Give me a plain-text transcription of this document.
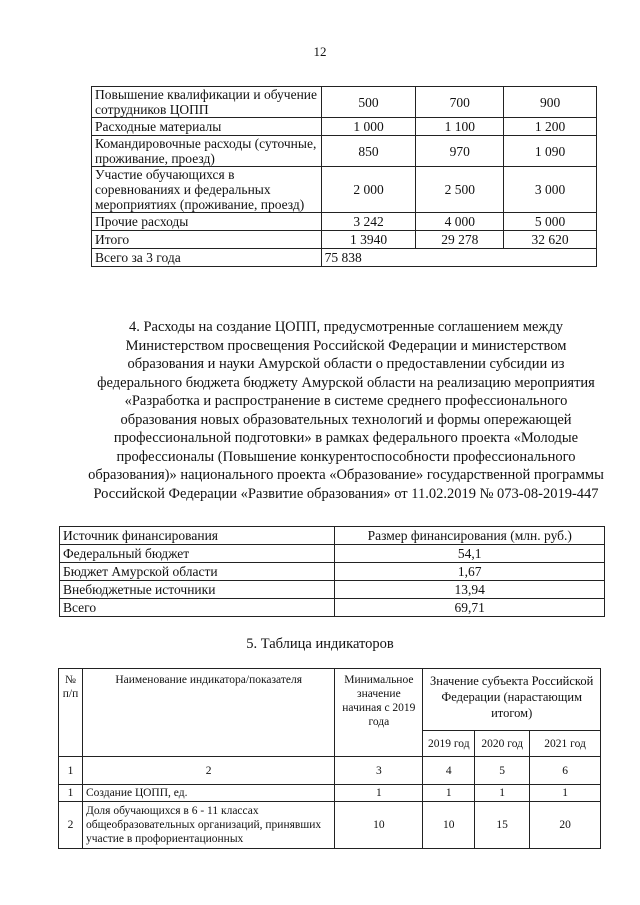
12
Повышение квалификации и обучение сотрудников ЦОПП	500	700	900
Расходные материалы	1 000	1 100	1 200
Командировочные расходы (суточные, проживание, проезд)	850	970	1 090
Участие обучающихся в соревнованиях и федеральных мероприятиях (проживание, проезд)	2 000	2 500	3 000
Прочие расходы	3 242	4 000	5 000
Итого	1 3940	29 278	32 620
Всего за 3 года	75 838		
4. Расходы на создание ЦОПП, предусмотренные соглашением между Министерством просвещения Российской Федерации и министерством образования и науки Амурской области о предоставлении субсидии из федерального бюджета бюджету Амурской области на реализацию мероприятия «Разработка и распространение в системе среднего профессионального образования новых образовательных технологий и формы опережающей профессиональной подготовки» в рамках федерального проекта «Молодые профессионалы (Повышение конкурентоспособности профессионального образования)» национального проекта «Образование» государственной программы Российской Федерации «Развитие образования» от 11.02.2019 № 073-08-2019-447
Источник финансирования	Размер финансирования (млн. руб.)
Федеральный бюджет	54,1
Бюджет Амурской области	1,67
Внебюджетные источники	13,94
Всего	69,71
5. Таблица индикаторов
№ п/п	Наименование индикатора/показателя	Минимальное значение начиная с 2019 года	Значение субъекта Российской Федерации (нарастающим итогом)		
			2019 год	2020 год	2021 год
1	2	3	4	5	6
1	Создание ЦОПП, ед.	1	1	1	1
2	Доля обучающихся в 6 - 11 классах общеобразовательных организаций, принявших участие в профориентационных	10	10	15	20
